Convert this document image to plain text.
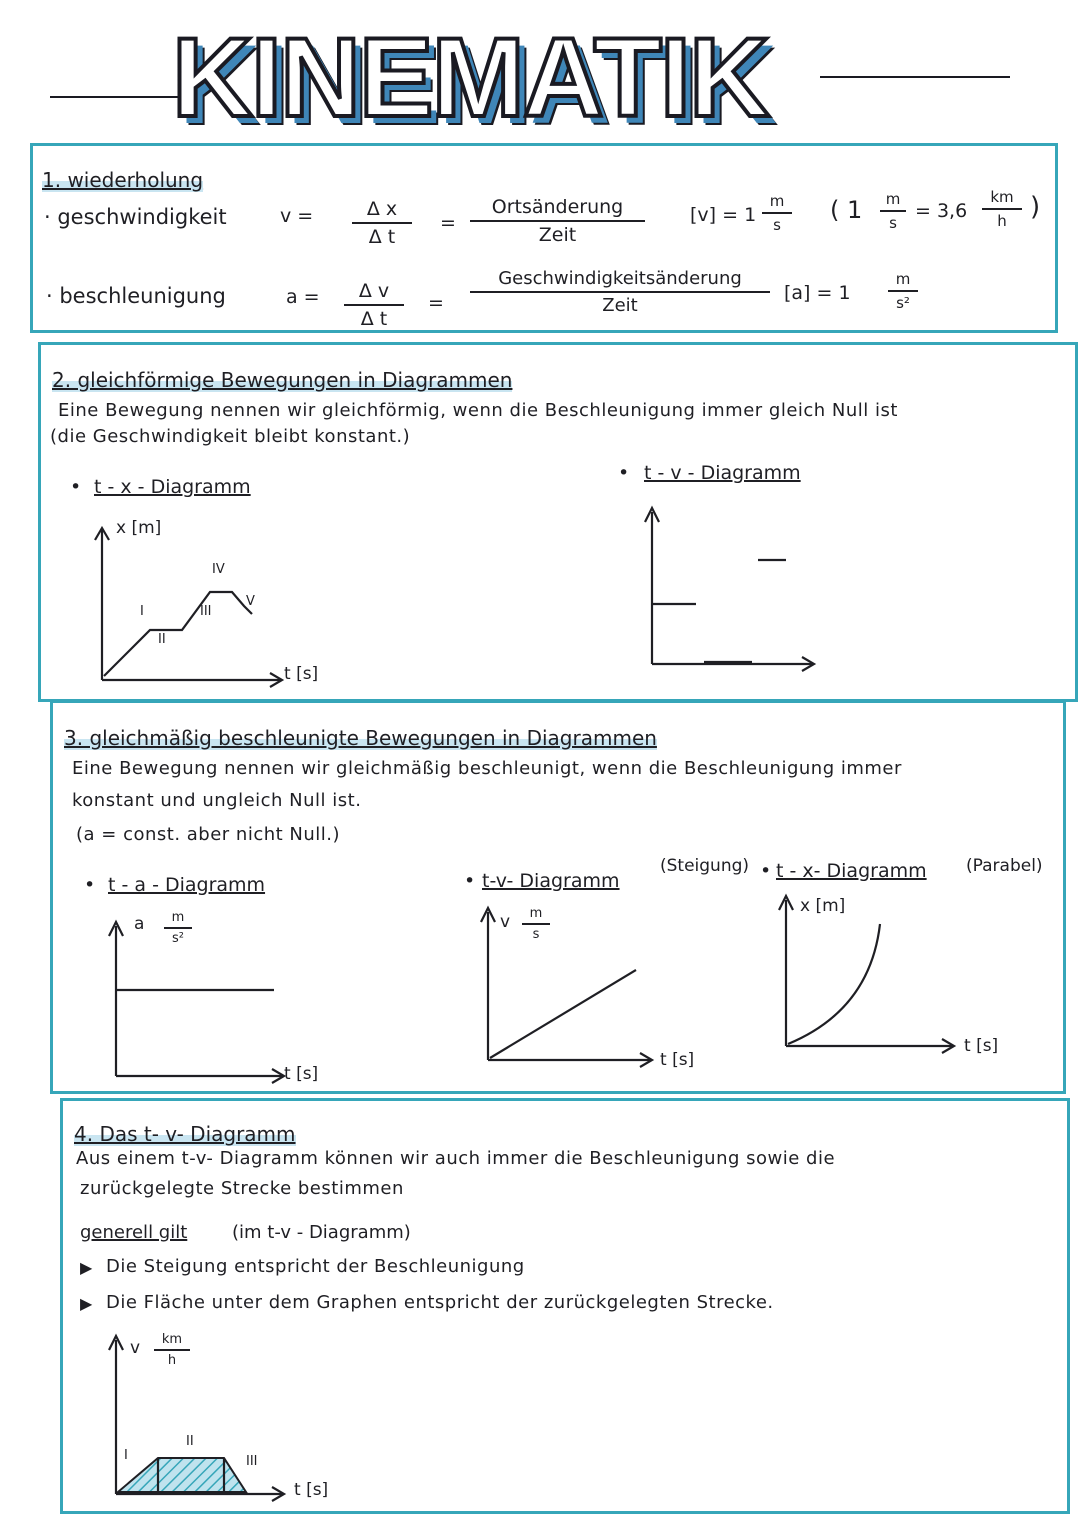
KINEMATIK
1. wiederholung
· geschwindigkeit	$v = \frac{\text{Δ x}}{\text{Δ t}}$ =
Ortsänderung
Zeit
$[v] = 1 \frac{m}{s}$ ( $1 \frac{m}{s} = 3,6 \frac{km}{h}$ )
· beschleunigung	$a = \frac{\text{Δ v}}{\text{Δ t}}$ =
Geschwindigkeitsänderung
Zeit
$[a] = 1 \frac{m}{\text{s²}}$
2. gleichförmige Bewegungen in Diagrammen
Eine Bewegung nennen wir gleichförmig, wenn die Beschleunigung immer gleich Null ist
(die Geschwindigkeit bleibt konstant.)
• t - x - Diagramm
• t - v - Diagramm
x [m]
t [s]
I
II
III
IV
V
3. gleichmäßig beschleunigte Bewegungen in Diagrammen
Eine Bewegung nennen wir gleichmäßig beschleunigt, wenn die Beschleunigung immer
konstant und ungleich Null ist.
(a = const. aber nicht Null.)
• t - a - Diagramm	• t-v- Diagramm
(Steigung) • t - x- Diagramm (Parabel)
a $\frac{m}{\text{s²}}$
t [s]
v $\frac{m}{s}$
t [s]
x [m]
t [s]
4. Das t- v- Diagramm
Aus einem t-v- Diagramm können wir auch immer die Beschleunigung sowie die
zurückgelegte Strecke bestimmen
generell gilt (im t-v - Diagramm)
▶ Die Steigung entspricht der Beschleunigung
▶ Die Fläche unter dem Graphen entspricht der zurückgelegten Strecke.
v $\frac{km}{h}$
t [s]
I
II
III
